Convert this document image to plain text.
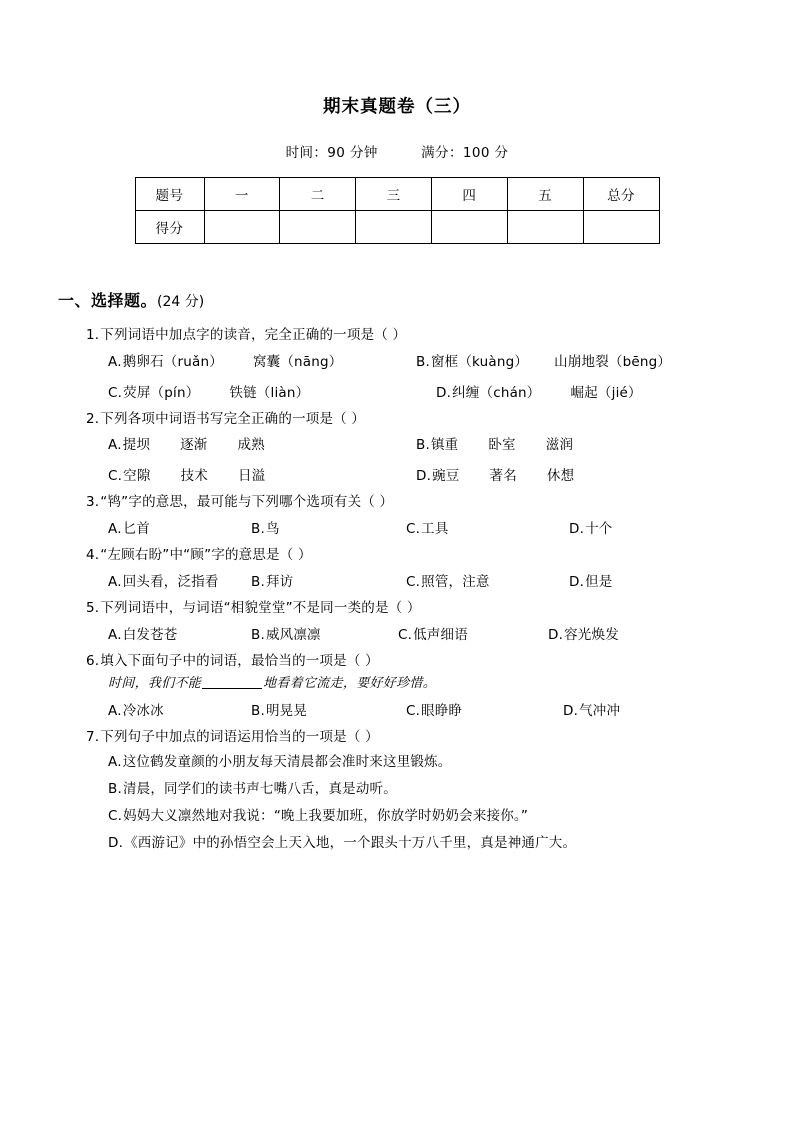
期末真题卷（三）

时间：90 分钟	满分：100 分

题号	一	二	三	四	五	总分
得分						

一、选择题。(24 分)

1.下列词语中加点字的读音，完全正确的一项是（ ）
A.鹅卵石（ruǎn） 窝囊（nāng）	B.窗框（kuàng） 山崩地裂（bēng）
C.荧屏（pín） 铁链（liàn）	D.纠缠（chán） 崛起（jié）
2.下列各项中词语书写完全正确的一项是（ ）
A.提坝 逐渐 成熟	B.镇重 卧室 滋润
C.空隙 技术 日溢	D.豌豆 著名 休想
3.“鸨”字的意思，最可能与下列哪个选项有关（ ）
A.匕首	B.鸟	C.工具	D.十个
4.“左顾右盼”中“顾”字的意思是（ ）
A.回头看，泛指看 B.拜访	C.照管，注意	D.但是
5.下列词语中，与词语“相貌堂堂”不是同一类的是（ ）
A.白发苍苍	B.威风凛凛	C.低声细语	D.容光焕发
6.填入下面句子中的词语，最恰当的一项是（ ）
时间，我们不能	地看着它流走，要好好珍惜。
A.冷冰冰	B.明晃晃	C.眼睁睁	D.气冲冲
7.下列句子中加点的词语运用恰当的一项是（ ）
A.这位鹤发童颜的小朋友每天清晨都会准时来这里锻炼。
B.清晨，同学们的读书声七嘴八舌，真是动听。
C.妈妈大义凛然地对我说：“晚上我要加班，你放学时奶奶会来接你。”
D.《西游记》中的孙悟空会上天入地，一个跟头十万八千里，真是神通广大。
